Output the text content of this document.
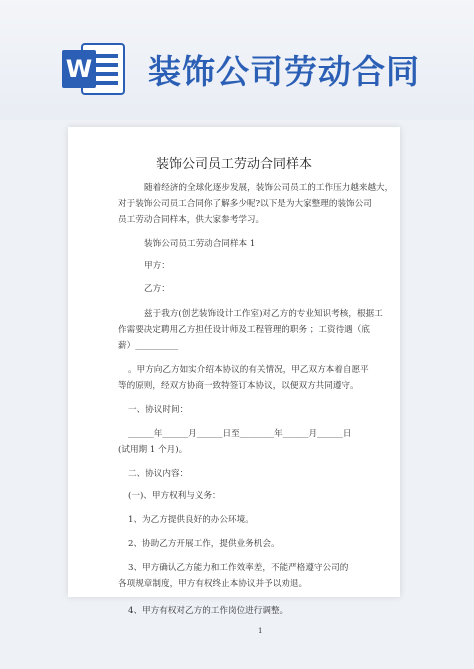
W 装饰公司劳动合同
装饰公司员工劳动合同样本
随着经济的全球化逐步发展，装饰公司员工的工作压力越来越大，
对于装饰公司员工合同你了解多少呢?以下是为大家整理的装饰公司
员工劳动合同样本，供大家参考学习。
装饰公司员工劳动合同样本 1
甲方：
乙方：
兹于我方(创艺装饰设计工作室)对乙方的专业知识考核，根据工
作需要决定聘用乙方担任设计师及工程管理的职务 ；工资待遇（底
薪）__________
。甲方向乙方如实介绍本协议的有关情况，甲乙双方本着自愿平
等的原则，经双方协商一致特签订本协议，以便双方共同遵守。
一、协议时间：
______年______月______日至________年______月______日
(试用期 1 个月)。
二、协议内容：
(一)、甲方权利与义务：
1、为乙方提供良好的办公环境。
2、协助乙方开展工作，提供业务机会。
3、甲方确认乙方能力和工作效率差，不能严格遵守公司的
各项规章制度，甲方有权终止本协议并予以劝退。
4、甲方有权对乙方的工作岗位进行调整。
1
